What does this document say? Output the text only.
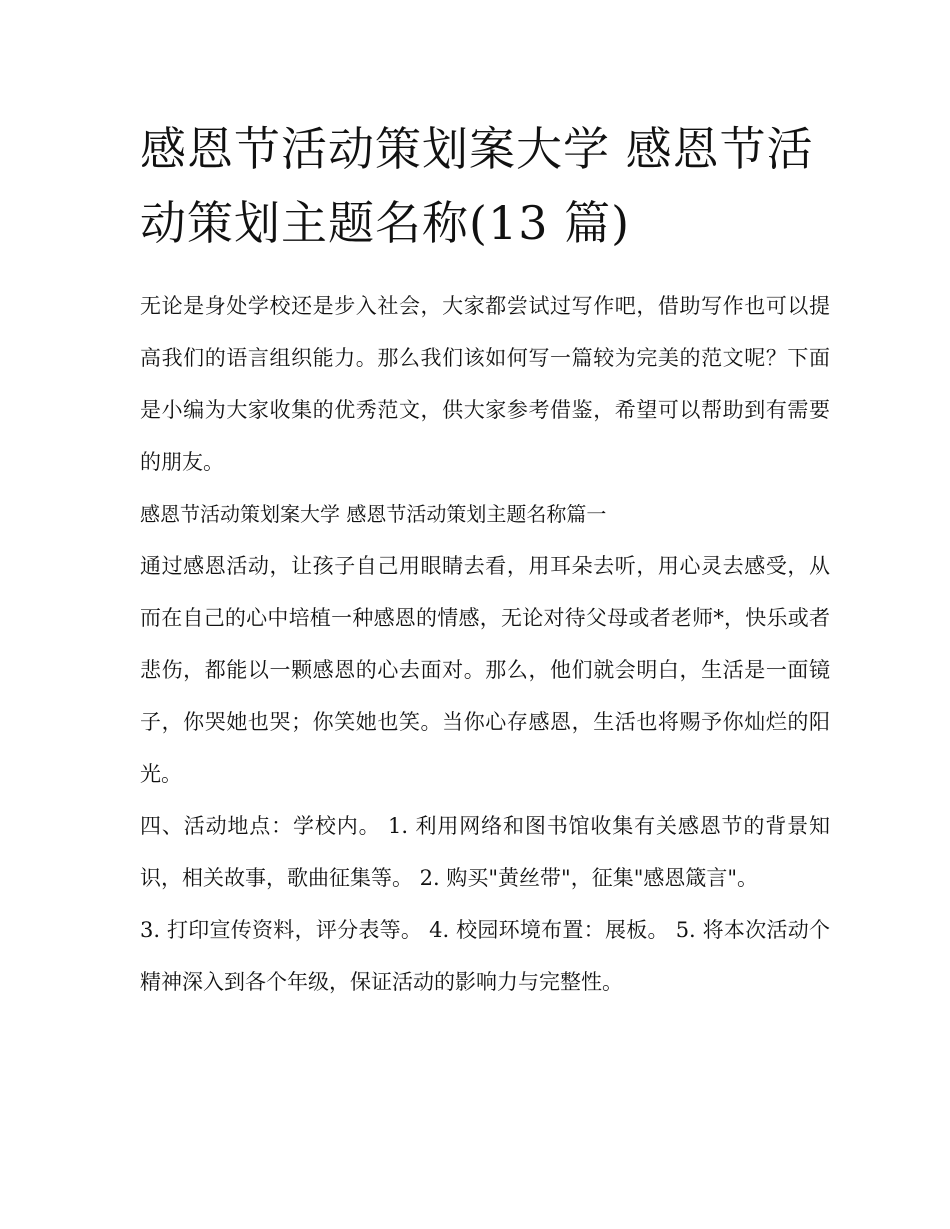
感恩节活动策划案大学 感恩节活动策划主题名称(13 篇)

无论是身处学校还是步入社会，大家都尝试过写作吧，借助写作也可以提高我们的语言组织能力。那么我们该如何写一篇较为完美的范文呢？下面是小编为大家收集的优秀范文，供大家参考借鉴，希望可以帮助到有需要的朋友。

感恩节活动策划案大学 感恩节活动策划主题名称篇一

通过感恩活动，让孩子自己用眼睛去看，用耳朵去听，用心灵去感受，从而在自己的心中培植一种感恩的情感，无论对待父母或者老师*，快乐或者悲伤，都能以一颗感恩的心去面对。那么，他们就会明白，生活是一面镜子，你哭她也哭；你笑她也笑。当你心存感恩，生活也将赐予你灿烂的阳光。

四、活动地点：学校内。 1. 利用网络和图书馆收集有关感恩节的背景知识，相关故事，歌曲征集等。 2. 购买"黄丝带"，征集"感恩箴言"。

3. 打印宣传资料，评分表等。 4. 校园环境布置：展板。 5. 将本次活动个精神深入到各个年级，保证活动的影响力与完整性。
